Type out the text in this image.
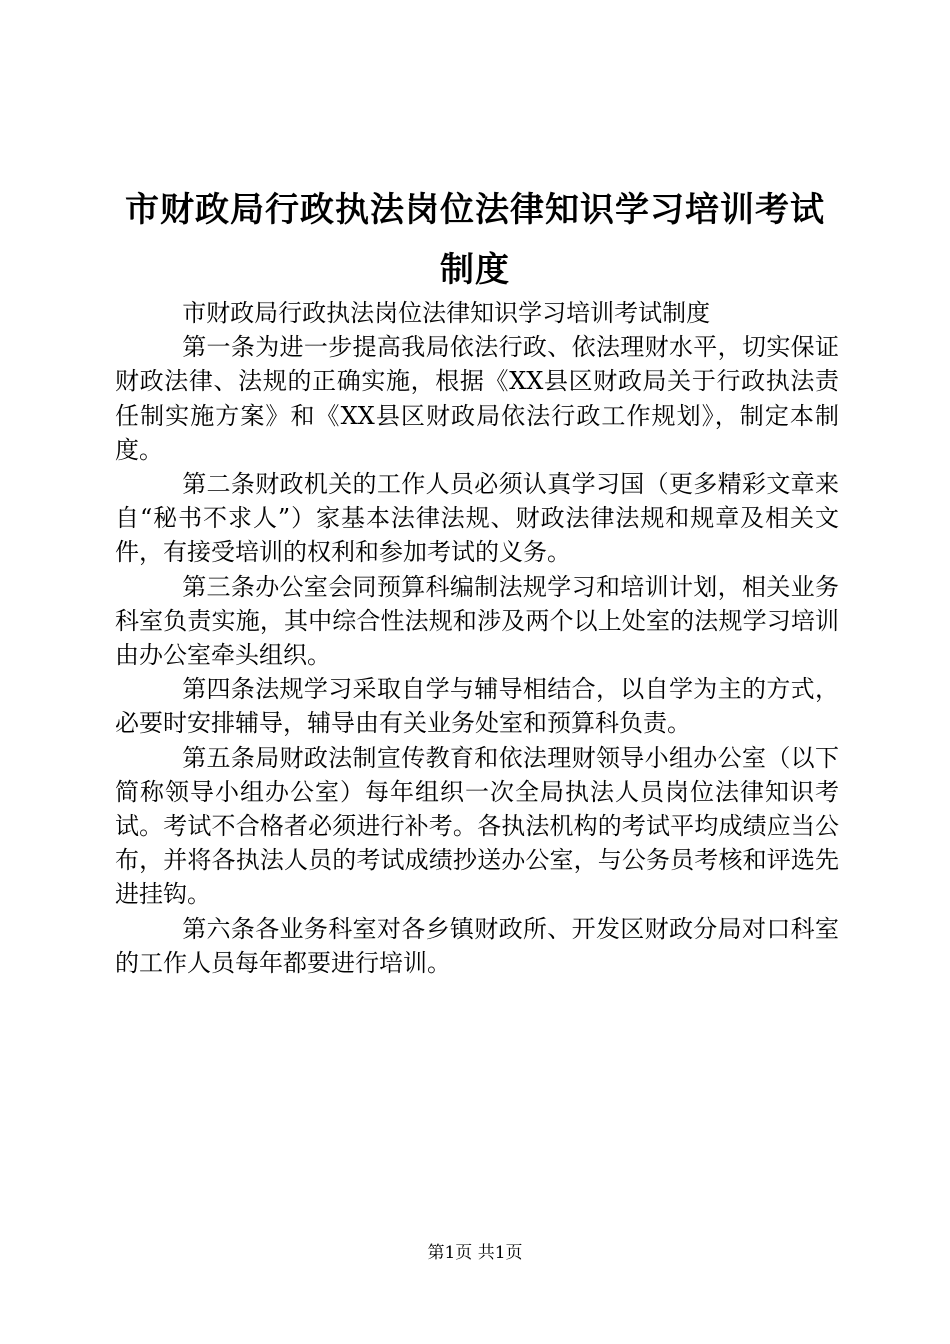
市财政局行政执法岗位法律知识学习培训考试制度

市财政局行政执法岗位法律知识学习培训考试制度

第一条为进一步提高我局依法行政、依法理财水平，切实保证财政法律、法规的正确实施，根据《XX县区财政局关于行政执法责任制实施方案》和《XX县区财政局依法行政工作规划》，制定本制度。

第二条财政机关的工作人员必须认真学习国（更多精彩文章来自“秘书不求人”）家基本法律法规、财政法律法规和规章及相关文件，有接受培训的权利和参加考试的义务。

第三条办公室会同预算科编制法规学习和培训计划，相关业务科室负责实施，其中综合性法规和涉及两个以上处室的法规学习培训由办公室牵头组织。

第四条法规学习采取自学与辅导相结合，以自学为主的方式，必要时安排辅导，辅导由有关业务处室和预算科负责。

第五条局财政法制宣传教育和依法理财领导小组办公室（以下简称领导小组办公室）每年组织一次全局执法人员岗位法律知识考试。考试不合格者必须进行补考。各执法机构的考试平均成绩应当公布，并将各执法人员的考试成绩抄送办公室，与公务员考核和评选先进挂钩。

第六条各业务科室对各乡镇财政所、开发区财政分局对口科室的工作人员每年都要进行培训。

第1页 共1页
